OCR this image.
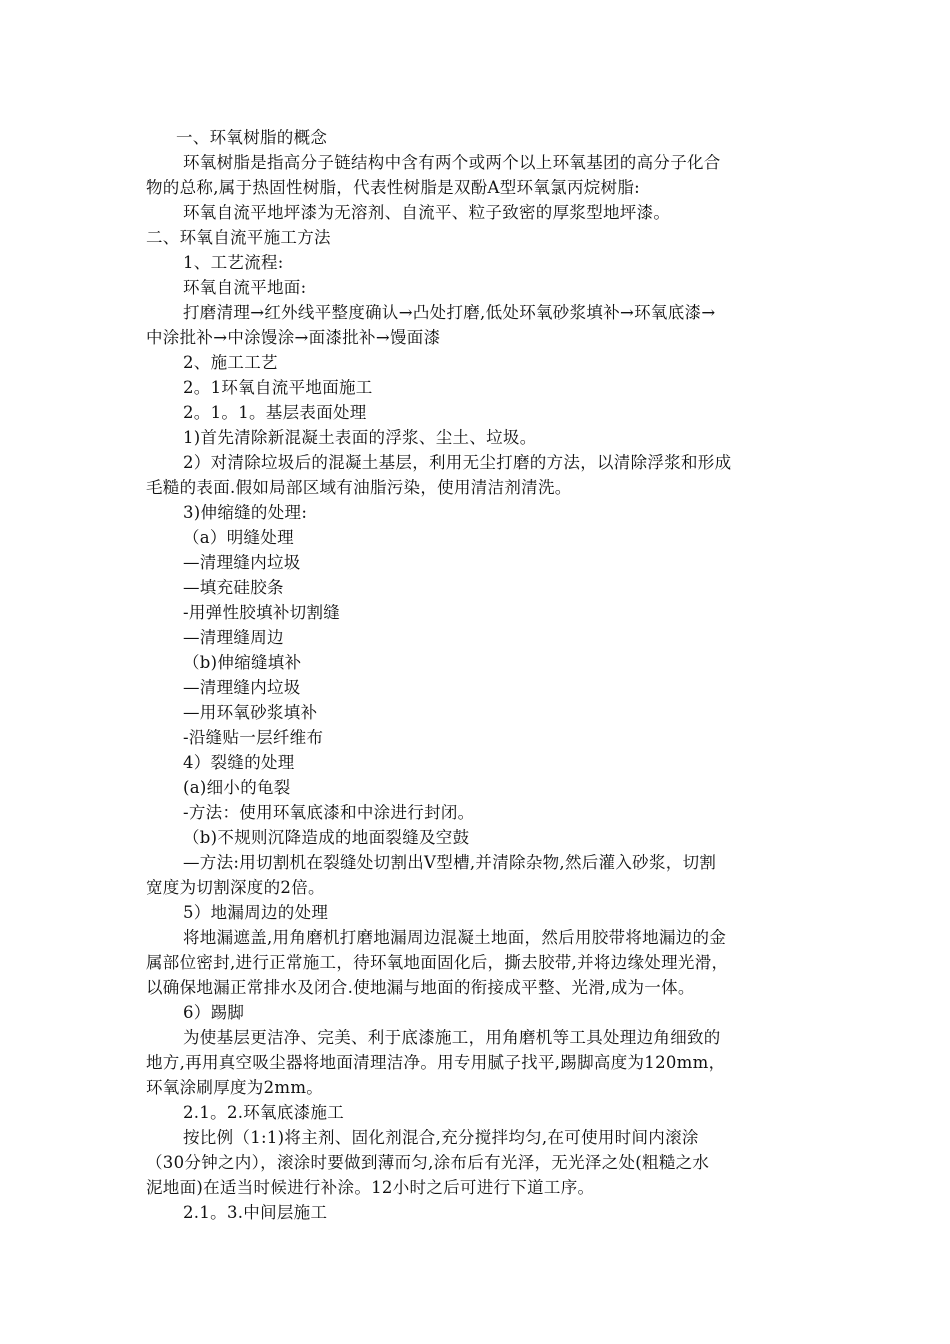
一、环氧树脂的概念
环氧树脂是指高分子链结构中含有两个或两个以上环氧基团的高分子化合
物的总称,属于热固性树脂，代表性树脂是双酚A型环氧氯丙烷树脂:
环氧自流平地坪漆为无溶剂、自流平、粒子致密的厚浆型地坪漆。
二、环氧自流平施工方法
1、工艺流程:
环氧自流平地面:
打磨清理→红外线平整度确认→凸处打磨,低处环氧砂浆填补→环氧底漆→
中涂批补→中涂馒涂→面漆批补→馒面漆
2、施工工艺
2。1环氧自流平地面施工
2。1。1。基层表面处理
1)首先清除新混凝土表面的浮浆、尘土、垃圾。
2）对清除垃圾后的混凝土基层，利用无尘打磨的方法，以清除浮浆和形成
毛糙的表面.假如局部区域有油脂污染，使用清洁剂清洗。
3)伸缩缝的处理:
（a）明缝处理
—清理缝内垃圾
—填充硅胶条
-用弹性胶填补切割缝
—清理缝周边
（b)伸缩缝填补
—清理缝内垃圾
—用环氧砂浆填补
-沿缝贴一层纤维布
4）裂缝的处理
(a)细小的龟裂
-方法：使用环氧底漆和中涂进行封闭。
（b)不规则沉降造成的地面裂缝及空鼓
—方法:用切割机在裂缝处切割出V型槽,并清除杂物,然后灌入砂浆，切割
宽度为切割深度的2倍。
5）地漏周边的处理
将地漏遮盖,用角磨机打磨地漏周边混凝土地面，然后用胶带将地漏边的金
属部位密封,进行正常施工，待环氧地面固化后，撕去胶带,并将边缘处理光滑，
以确保地漏正常排水及闭合.使地漏与地面的衔接成平整、光滑,成为一体。
6）踢脚
为使基层更洁净、完美、利于底漆施工，用角磨机等工具处理边角细致的
地方,再用真空吸尘器将地面清理洁净。用专用腻子找平,踢脚高度为120mm，
环氧涂刷厚度为2mm。
2.1。2.环氧底漆施工
按比例（1:1)将主剂、固化剂混合,充分搅拌均匀,在可使用时间内滚涂
（30分钟之内），滚涂时要做到薄而匀,涂布后有光泽，无光泽之处(粗糙之水
泥地面)在适当时候进行补涂。12小时之后可进行下道工序。
2.1。3.中间层施工
